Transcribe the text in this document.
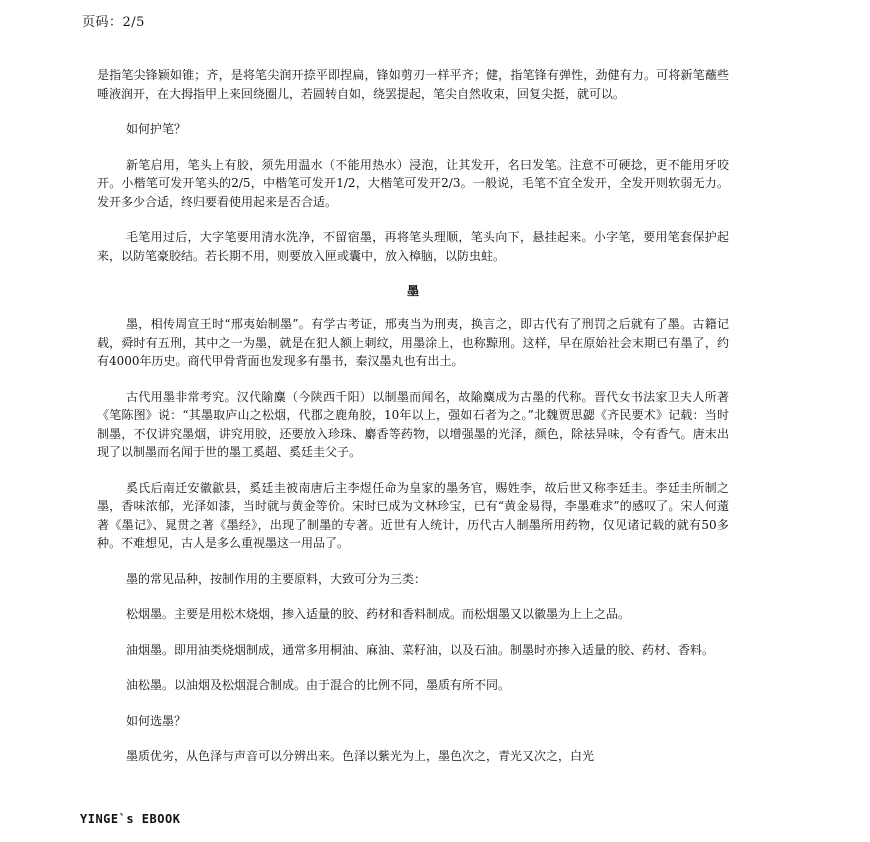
页码：2/5

是指笔尖锋颖如锥；齐，是将笔尖润开捺平即捏扁，锋如剪刃一样平齐；健，指笔锋有弹性，劲健有力。可将新笔蘸些唾液润开，在大拇指甲上来回绕圈儿，若圆转自如，绕罢提起，笔尖自然收束，回复尖挺，就可以。

如何护笔？

新笔启用，笔头上有胶，须先用温水（不能用热水）浸泡，让其发开，名曰发笔。注意不可硬捻，更不能用牙咬开。小楷笔可发开笔头的2/5，中楷笔可发开1/2，大楷笔可发开2/3。一般说，毛笔不宜全发开，全发开则软弱无力。发开多少合适，终归要看使用起来是否合适。

毛笔用过后，大字笔要用清水洗净，不留宿墨，再将笔头理顺，笔头向下，悬挂起来。小字笔，要用笔套保护起来，以防笔豪胶结。若长期不用，则要放入匣或囊中，放入樟脑，以防虫蛀。

墨

墨，相传周宣王时“邢夷始制墨”。有学古考证，邢夷当为刑夷，换言之，即古代有了刑罚之后就有了墨。古籍记载，舜时有五刑，其中之一为墨，就是在犯人额上刺纹，用墨涂上，也称黥刑。这样，早在原始社会末期已有墨了，约有4000年历史。商代甲骨背面也发现多有墨书，秦汉墨丸也有出土。

古代用墨非常考究。汉代隃麋（今陕西千阳）以制墨而闻名，故隃麋成为古墨的代称。晋代女书法家卫夫人所著《笔陈图》说：“其墨取庐山之松烟，代郡之鹿角胶，10年以上，强如石者为之。”北魏贾思勰《齐民要术》记载：当时制墨，不仅讲究墨烟，讲究用胶，还要放入珍珠、麝香等药物，以增强墨的光泽，颜色，除祛异味，令有香气。唐末出现了以制墨而名闻于世的墨工奚超、奚廷圭父子。

奚氏后南迁安徽歙县，奚廷圭被南唐后主李煜任命为皇家的墨务官，赐姓李，故后世又称李廷圭。李廷圭所制之墨，香味浓郁，光泽如漆，当时就与黄金等价。宋时已成为文林珍宝，已有“黄金易得，李墨难求”的感叹了。宋人何薳著《墨记》、晁贯之著《墨经》，出现了制墨的专著。近世有人统计，历代古人制墨所用药物，仅见诸记载的就有50多种。不难想见，古人是多么重视墨这一用品了。

墨的常见品种，按制作用的主要原料，大致可分为三类：

松烟墨。主要是用松木烧烟，掺入适量的胶、药材和香料制成。而松烟墨又以徽墨为上上之品。

油烟墨。即用油类烧烟制成，通常多用桐油、麻油、菜籽油，以及石油。制墨时亦掺入适量的胶、药材、香料。

油松墨。以油烟及松烟混合制成。由于混合的比例不同，墨质有所不同。

如何选墨？

墨质优劣，从色泽与声音可以分辨出来。色泽以紫光为上，墨色次之，青光又次之，白光

YINGE`s EBOOK
